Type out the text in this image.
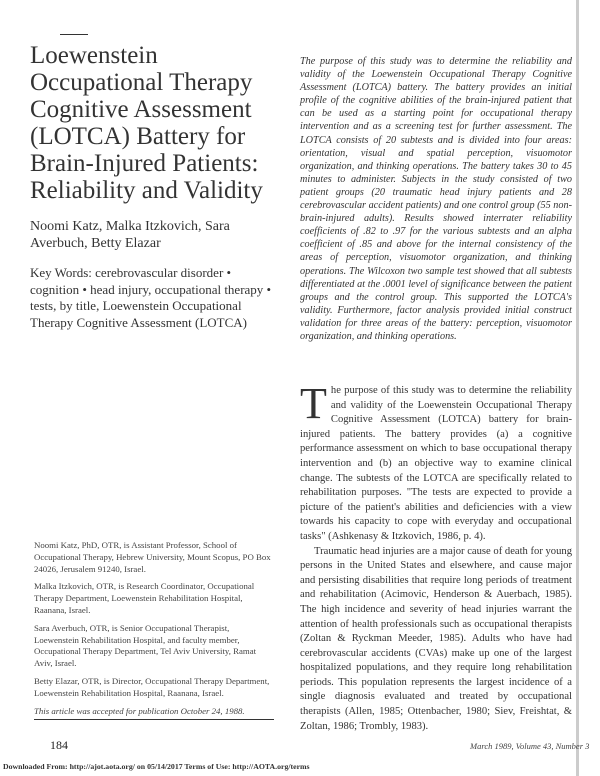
Loewenstein Occupational Therapy Cognitive Assessment (LOTCA) Battery for Brain-Injured Patients: Reliability and Validity
Noomi Katz, Malka Itzkovich, Sara Averbuch, Betty Elazar
Key Words: cerebrovascular disorder • cognition • head injury, occupational therapy • tests, by title, Loewenstein Occupational Therapy Cognitive Assessment (LOTCA)
The purpose of this study was to determine the reliability and validity of the Loewenstein Occupational Therapy Cognitive Assessment (LOTCA) battery. The battery provides an initial profile of the cognitive abilities of the brain-injured patient that can be used as a starting point for occupational therapy intervention and as a screening test for further assessment. The LOTCA consists of 20 subtests and is divided into four areas: orientation, visual and spatial perception, visuomotor organization, and thinking operations. The battery takes 30 to 45 minutes to administer. Subjects in the study consisted of two patient groups (20 traumatic head injury patients and 28 cerebrovascular accident patients) and one control group (55 non-brain-injured adults). Results showed interrater reliability coefficients of .82 to .97 for the various subtests and an alpha coefficient of .85 and above for the internal consistency of the areas of perception, visuomotor organization, and thinking operations. The Wilcoxon two sample test showed that all subtests differentiated at the .0001 level of significance between the patient groups and the control group. This supported the LOTCA's validity. Furthermore, factor analysis provided initial construct validation for three areas of the battery: perception, visuomotor organization, and thinking operations.

The purpose of this study was to determine the reliability and validity of the Loewenstein Occupational Therapy Cognitive Assessment (LOTCA) battery for brain-injured patients. The battery provides (a) a cognitive performance assessment on which to base occupational therapy intervention and (b) an objective way to examine clinical change. The subtests of the LOTCA are specifically related to rehabilitation purposes. "The tests are expected to provide a picture of the patient's abilities and deficiencies with a view towards his capacity to cope with everyday and occupational tasks" (Ashkenasy & Itzkovich, 1986, p. 4).

Traumatic head injuries are a major cause of death for young persons in the United States and elsewhere, and cause major and persisting disabilities that require long periods of treatment and rehabilitation (Acimovic, Henderson & Auerbach, 1985). The high incidence and severity of head injuries warrant the attention of health professionals such as occupational therapists (Zoltan & Ryckman Meeder, 1985). Adults who have had cerebrovascular accidents (CVAs) make up one of the largest hospitalized populations, and they require long rehabilitation periods. This population represents the largest incidence of a single diagnosis evaluated and treated by occupational therapists (Allen, 1985; Ottenbacher, 1980; Siev, Freishtat, & Zoltan, 1986; Trombly, 1983).

Noomi Katz, PhD, OTR, is Assistant Professor, School of Occupational Therapy, Hebrew University, Mount Scopus, PO Box 24026, Jerusalem 91240, Israel.

Malka Itzkovich, OTR, is Research Coordinator, Occupational Therapy Department, Loewenstein Rehabilitation Hospital, Raanana, Israel.

Sara Averbuch, OTR, is Senior Occupational Therapist, Loewenstein Rehabilitation Hospital, and faculty member, Occupational Therapy Department, Tel Aviv University, Ramat Aviv, Israel.

Betty Elazar, OTR, is Director, Occupational Therapy Department, Loewenstein Rehabilitation Hospital, Raanana, Israel.

This article was accepted for publication October 24, 1988.

184	March 1989, Volume 43, Number 3
Downloaded From: http://ajot.aota.org/ on 05/14/2017 Terms of Use: http://AOTA.org/terms
